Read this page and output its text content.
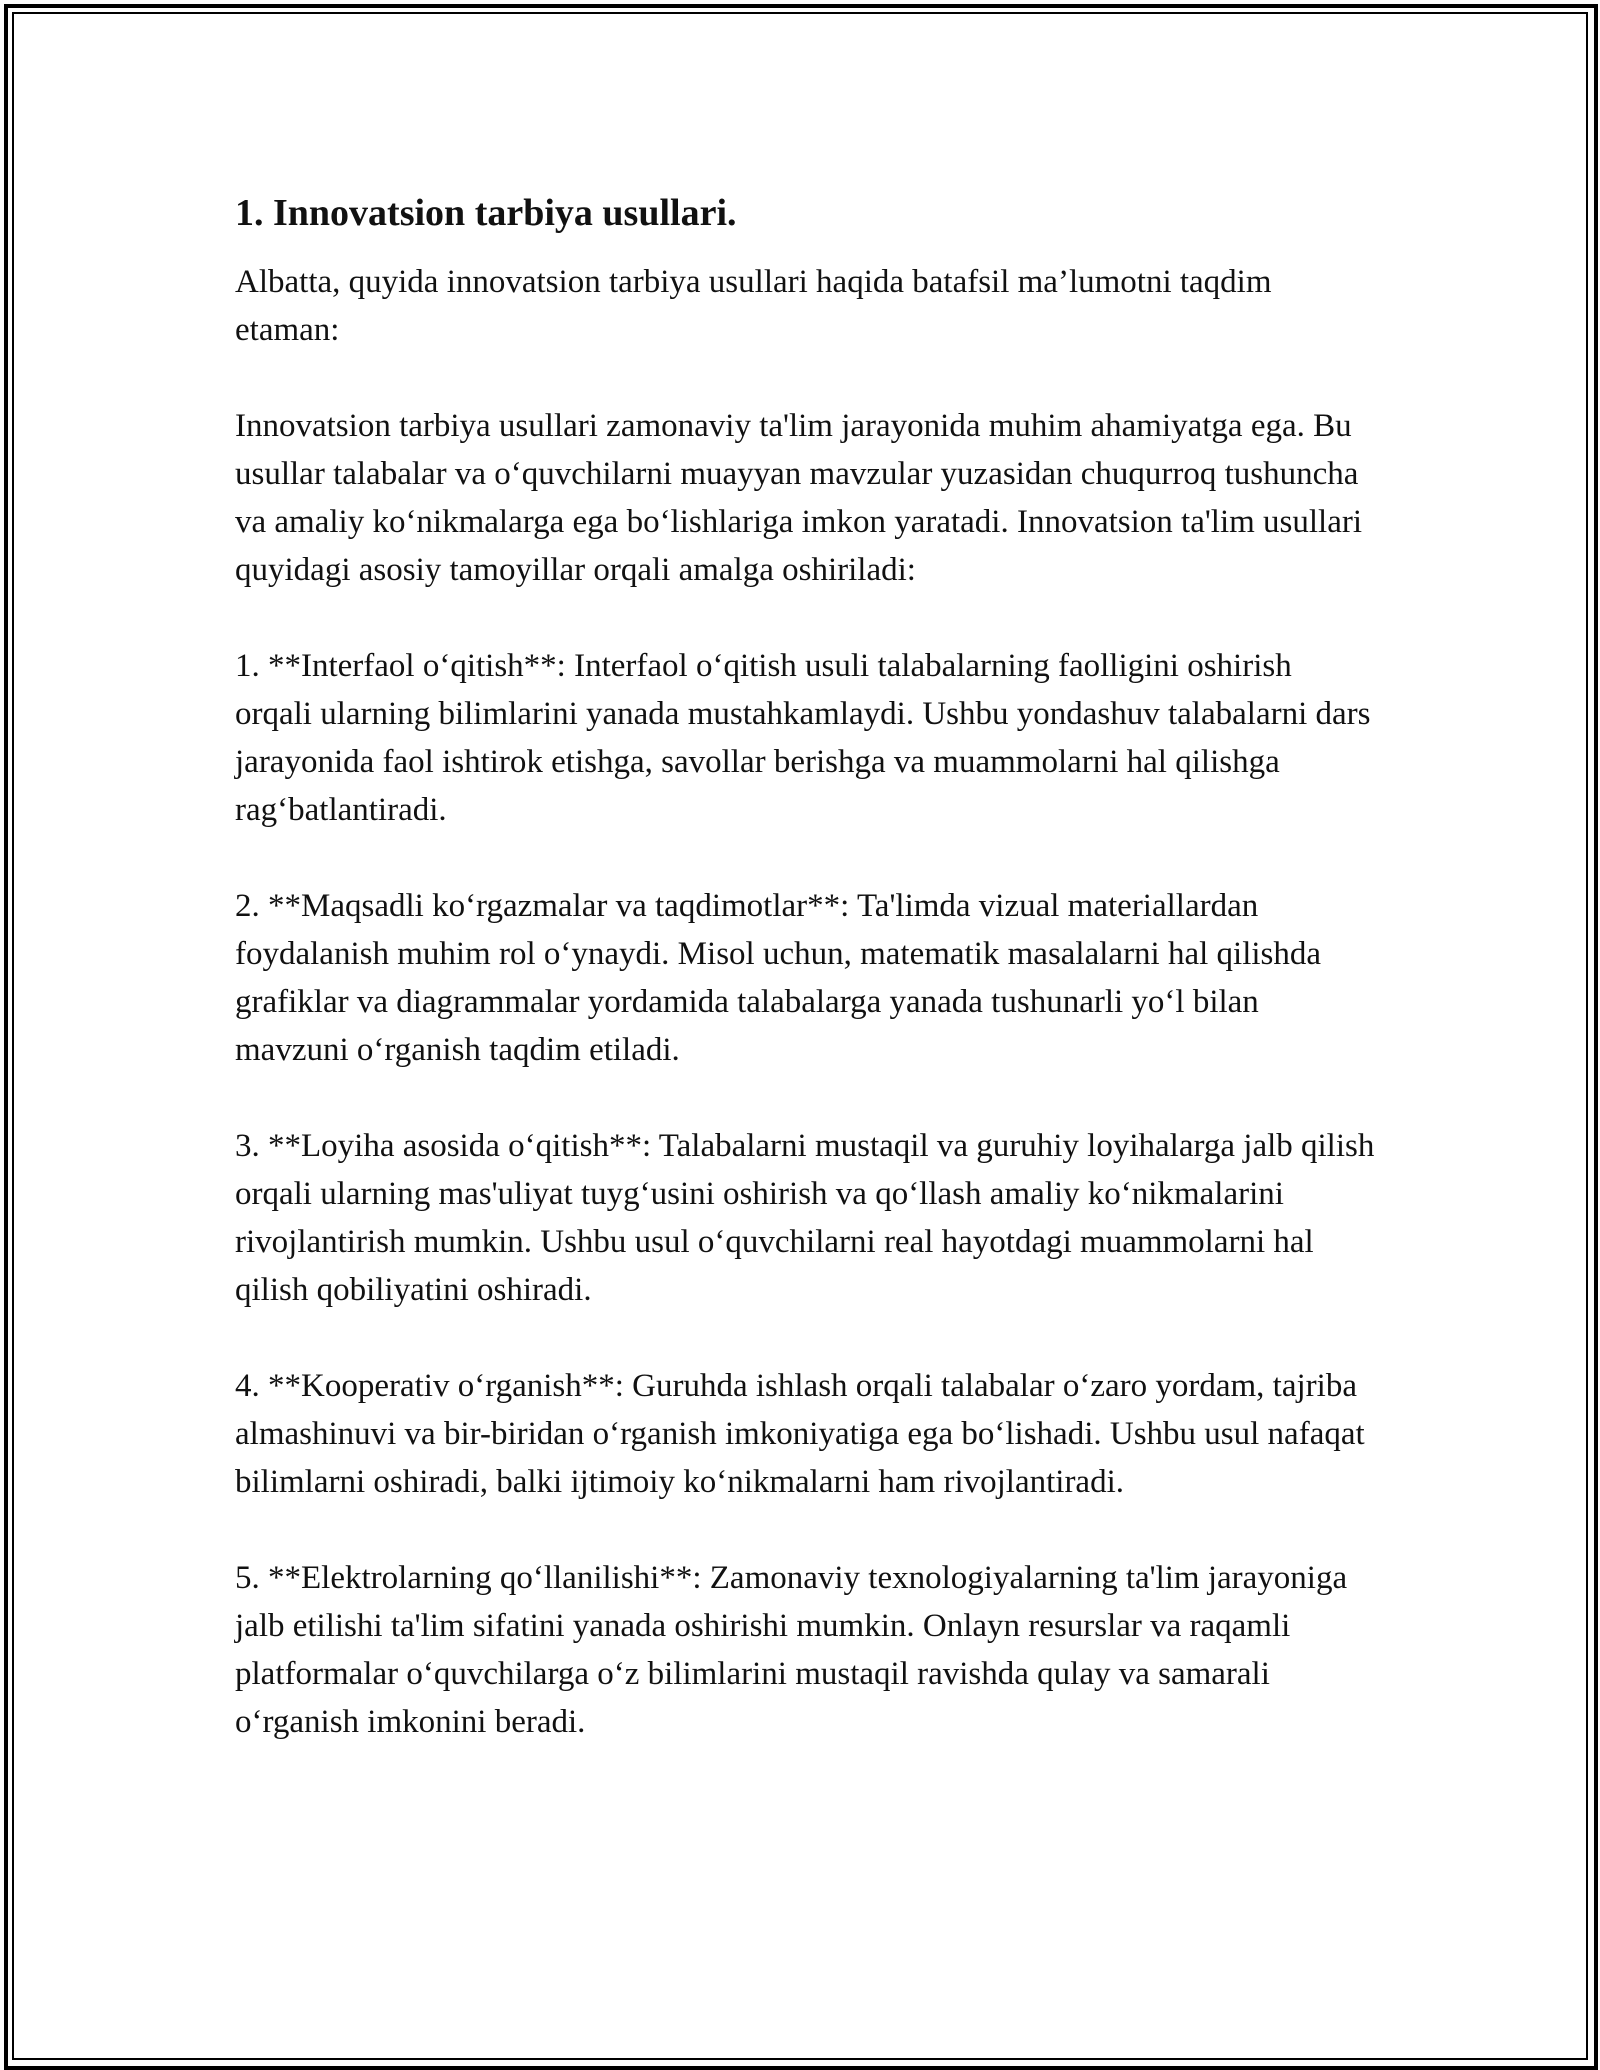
1. Innovatsion tarbiya usullari.

Albatta, quyida innovatsion tarbiya usullari haqida batafsil ma’lumotni taqdim etaman:

Innovatsion tarbiya usullari zamonaviy ta'lim jarayonida muhim ahamiyatga ega. Bu usullar talabalar va o‘quvchilarni muayyan mavzular yuzasidan chuqurroq tushuncha va amaliy ko‘nikmalarga ega bo‘lishlariga imkon yaratadi. Innovatsion ta'lim usullari quyidagi asosiy tamoyillar orqali amalga oshiriladi:

1. **Interfaol o‘qitish**: Interfaol o‘qitish usuli talabalarning faolligini oshirish orqali ularning bilimlarini yanada mustahkamlaydi. Ushbu yondashuv talabalarni dars jarayonida faol ishtirok etishga, savollar berishga va muammolarni hal qilishga rag‘batlantiradi.

2. **Maqsadli ko‘rgazmalar va taqdimotlar**: Ta'limda vizual materiallardan foydalanish muhim rol o‘ynaydi. Misol uchun, matematik masalalarni hal qilishda grafiklar va diagrammalar yordamida talabalarga yanada tushunarli yo‘l bilan mavzuni o‘rganish taqdim etiladi.

3. **Loyiha asosida o‘qitish**: Talabalarni mustaqil va guruhiy loyihalarga jalb qilish orqali ularning mas'uliyat tuyg‘usini oshirish va qo‘llash amaliy ko‘nikmalarini rivojlantirish mumkin. Ushbu usul o‘quvchilarni real hayotdagi muammolarni hal qilish qobiliyatini oshiradi.

4. **Kooperativ o‘rganish**: Guruhda ishlash orqali talabalar o‘zaro yordam, tajriba almashinuvi va bir-biridan o‘rganish imkoniyatiga ega bo‘lishadi. Ushbu usul nafaqat bilimlarni oshiradi, balki ijtimoiy ko‘nikmalarni ham rivojlantiradi.

5. **Elektrolarning qo‘llanilishi**: Zamonaviy texnologiyalarning ta'lim jarayoniga jalb etilishi ta'lim sifatini yanada oshirishi mumkin. Onlayn resurslar va raqamli platformalar o‘quvchilarga o‘z bilimlarini mustaqil ravishda qulay va samarali o‘rganish imkonini beradi.
